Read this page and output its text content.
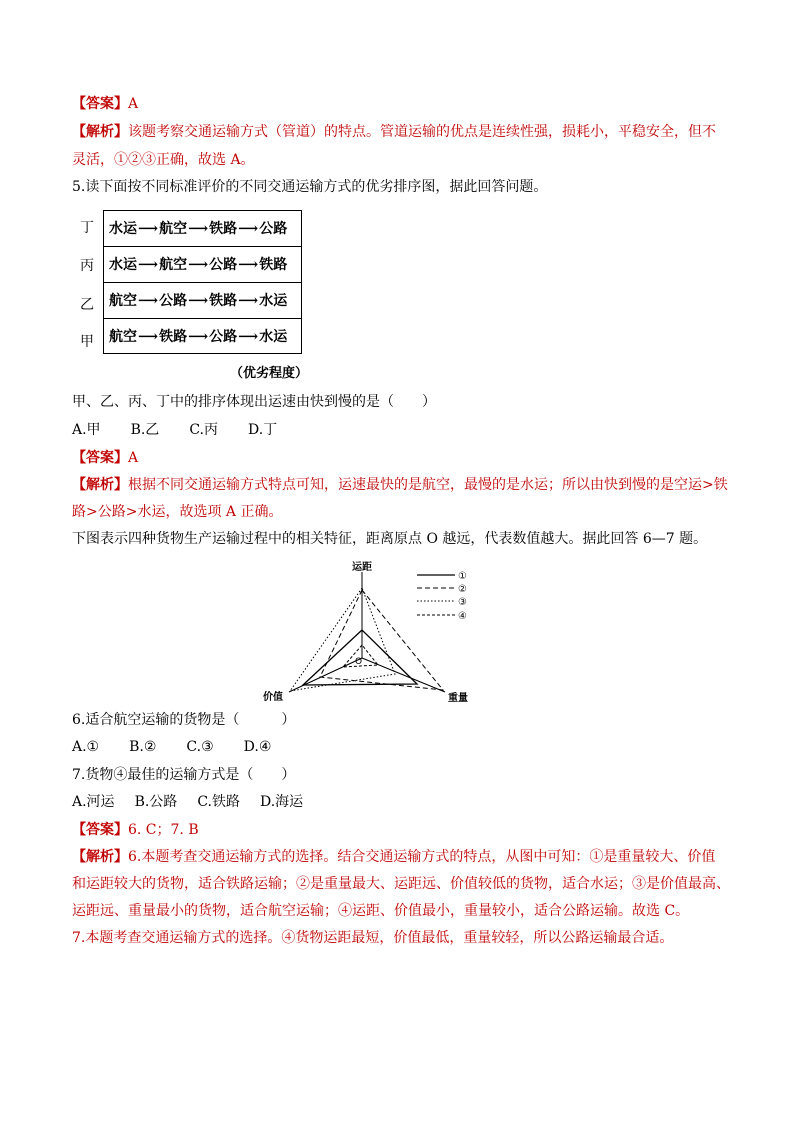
【答案】A
【解析】该题考察交通运输方式（管道）的特点。管道运输的优点是连续性强，损耗小，平稳安全，但不
灵活，①②③正确，故选 A。
5.读下面按不同标准评价的不同交通运输方式的优劣排序图，据此回答问题。
丁
丙
乙
甲
水运⟶航空⟶铁路⟶公路
水运⟶航空⟶公路⟶铁路
航空⟶公路⟶铁路⟶水运
航空⟶铁路⟶公路⟶水运
（优劣程度）
甲、乙、丙、丁中的排序体现出运速由快到慢的是（　　）
A.甲 B.乙 C.丙 D.丁
【答案】A
【解析】根据不同交通运输方式特点可知，运速最快的是航空，最慢的是水运；所以由快到慢的是空运>铁
路>公路>水运，故选项 A 正确。
下图表示四种货物生产运输过程中的相关特征，距离原点 O 越远，代表数值越大。据此回答 6—7 题。
运距
价值	重量
O
①
②
③
④
6.适合航空运输的货物是（　　　）
A.① B.② C.③ D.④
7.货物④最佳的运输方式是（　　）
A.河运 B.公路 C.铁路 D.海运
【答案】6. C；7. B
【解析】6.本题考查交通运输方式的选择。结合交通运输方式的特点，从图中可知：①是重量较大、价值
和运距较大的货物，适合铁路运输；②是重量最大、运距远、价值较低的货物，适合水运；③是价值最高、
运距远、重量最小的货物，适合航空运输；④运距、价值最小，重量较小，适合公路运输。故选 C。
7.本题考查交通运输方式的选择。④货物运距最短，价值最低，重量较轻，所以公路运输最合适。
